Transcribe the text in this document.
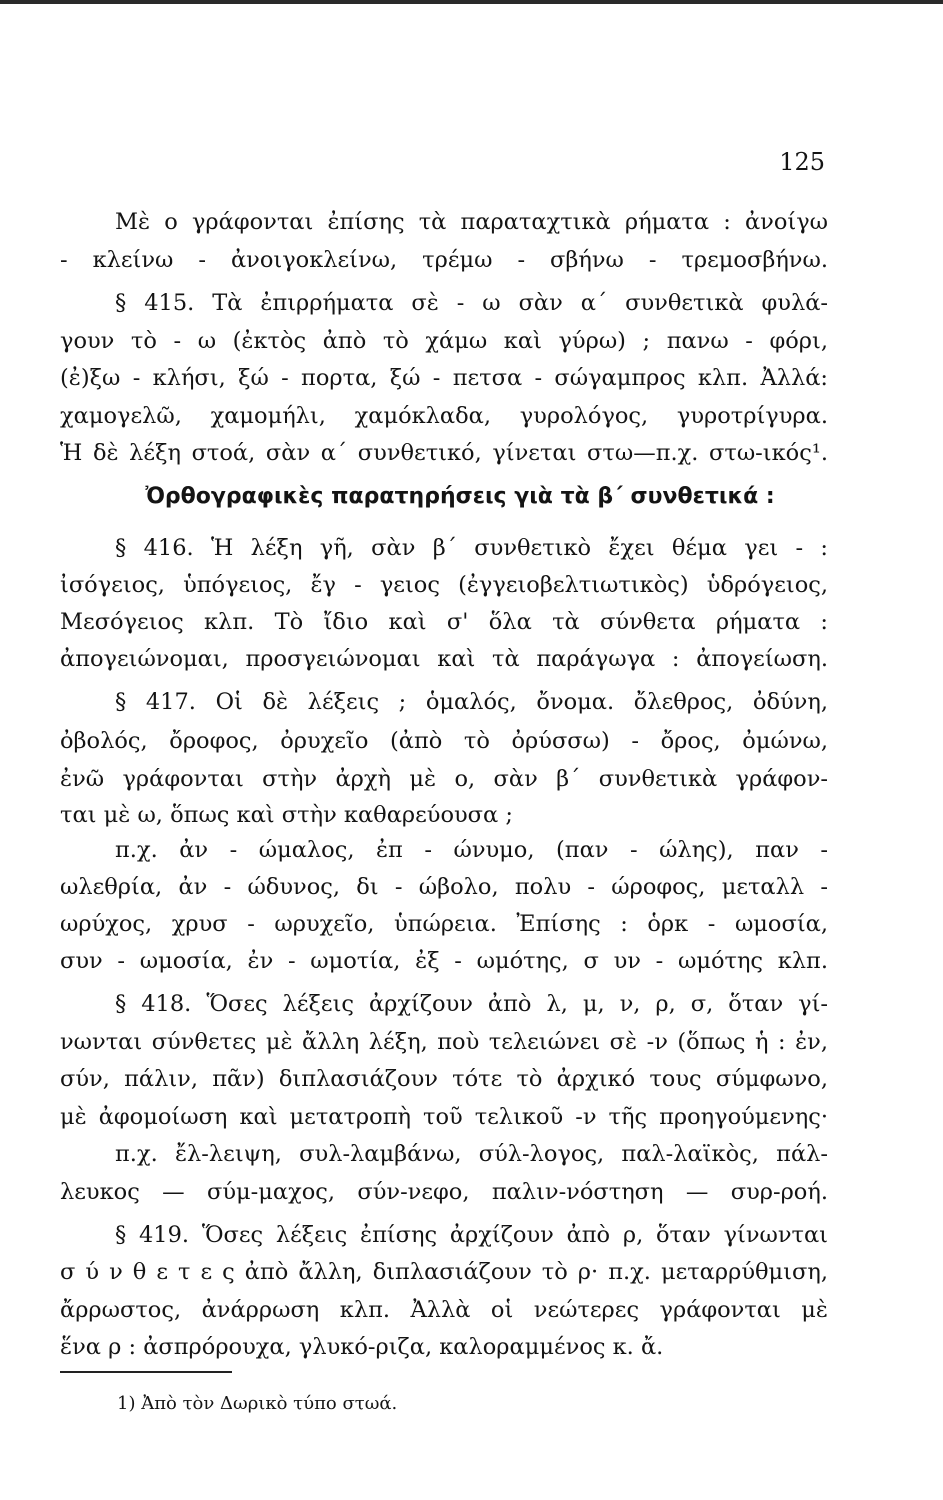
125
Μὲ ο γράφονται ἐπίσης τὰ παραταχτικὰ ρήματα : ἀνοίγω
- κλείνω - ἀνοιγοκλείνω, τρέμω - σβήνω - τρεμοσβήνω.
§ 415. Τὰ ἐπιρρήματα σὲ - ω σὰν α΄ συνθετικὰ φυλά-
γουν τὸ - ω (ἐκτὸς ἀπὸ τὸ χάμω καὶ γύρω) ; πανω - φόρι,
(ἐ)ξω - κλήσι, ξώ - πορτα, ξώ - πετσα - σώγαμπρος κλπ. Ἀλλά:
χαμογελῶ, χαμομήλι, χαμόκλαδα, γυρολόγος, γυροτρίγυρα.
Ἡ δὲ λέξη στοά, σὰν α΄ συνθετικό, γίνεται στω—π.χ. στω-ικός¹.
Ὀρθογραφικὲς παρατηρήσεις γιὰ τὰ β΄ συνθετικά :
§ 416. Ἡ λέξη γῆ, σὰν β΄ συνθετικὸ ἔχει θέμα γει - :
ἰσόγειος, ὑπόγειος, ἔγ - γειος (ἐγγειοβελτιωτικὸς) ὑδρόγειος,
Μεσόγειος κλπ. Τὸ ἴδιο καὶ σ' ὅλα τὰ σύνθετα ρήματα :
ἀπογειώνομαι, προσγειώνομαι καὶ τὰ παράγωγα : ἀπογείωση.
§ 417. Οἱ δὲ λέξεις ; ὁμαλός, ὄνομα. ὄλεθρος, ὀδύνη,
ὀβολός, ὄροφος, ὀρυχεῖο (ἀπὸ τὸ ὀρύσσω) - ὄρος, ὀμώνω,
ἐνῶ γράφονται στὴν ἀρχὴ μὲ ο, σὰν β΄ συνθετικὰ γράφον-
ται μὲ ω, ὅπως καὶ στὴν καθαρεύουσα ;
π.χ. ἀν - ώμαλος, ἐπ - ώνυμο, (παν - ώλης), παν -
ωλεθρία, ἀν - ώδυνος, δι - ώβολο, πολυ - ώροφος, μεταλλ -
ωρύχος, χρυσ - ωρυχεῖο, ὑπώρεια. Ἐπίσης : ὁρκ - ωμοσία,
συν - ωμοσία, ἐν - ωμοτία, ἐξ - ωμότης, σ υν - ωμότης κλπ.
§ 418. Ὅσες λέξεις ἀρχίζουν ἀπὸ λ, μ, ν, ρ, σ, ὅταν γί-
νωνται σύνθετες μὲ ἄλλη λέξη, ποὺ τελειώνει σὲ -ν (ὅπως ἡ : ἐν,
σύν, πάλιν, πᾶν) διπλασιάζουν τότε τὸ ἀρχικό τους σύμφωνο,
μὲ ἀφομοίωση καὶ μετατροπὴ τοῦ τελικοῦ -ν τῆς προηγούμενης·
π.χ. ἔλ-λειψη, συλ-λαμβάνω, σύλ-λογος, παλ-λαϊκὸς, πάλ-
λευκος — σύμ-μαχος, σύν-νεφο, παλιν-νόστηση — συρ-ροή.
§ 419. Ὅσες λέξεις ἐπίσης ἀρχίζουν ἀπὸ ρ, ὅταν γίνωνται
σ ύ ν θ ε τ ε ς ἀπὸ ἄλλη, διπλασιάζουν τὸ ρ· π.χ. μεταρρύθμιση,
ἄρρωστος, ἀνάρρωση κλπ. Ἀλλὰ οἱ νεώτερες γράφονται μὲ
ἕνα ρ : ἀσπρόρουχα, γλυκό-ριζα, καλοραμμένος κ. ἄ.
1) Ἀπὸ τὸν Δωρικὸ τύπο στωά.
